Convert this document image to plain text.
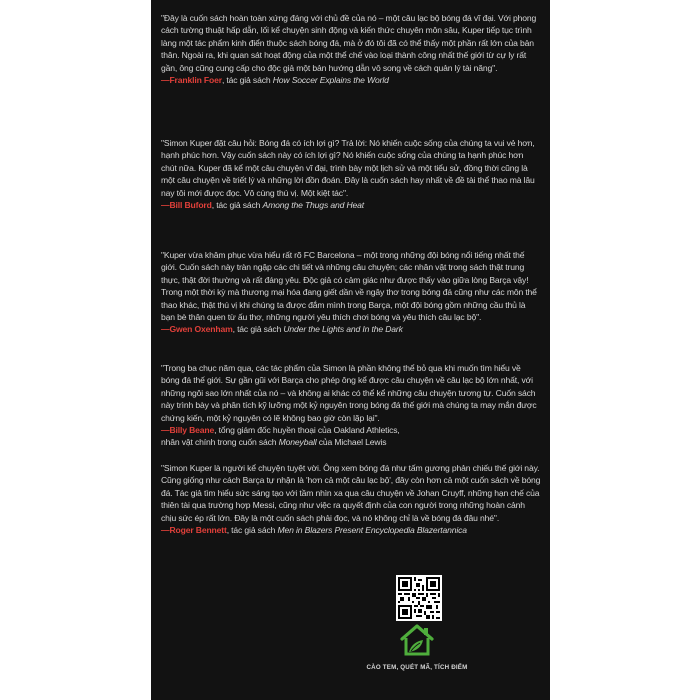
"Đây là cuốn sách hoàn toàn xứng đáng với chủ đề của nó – một câu lạc bộ bóng đá vĩ đại. Với phong cách tường thuật hấp dẫn, lối kể chuyện sinh động và kiến thức chuyên môn sâu, Kuper tiếp tục trình làng một tác phẩm kinh điển thuộc sách bóng đá, mà ở đó tôi đã có thể thấy một phần rất lớn của bản thân. Ngoài ra, khi quan sát hoạt động của một thể chế vào loại thành công nhất thế giới từ cự ly rất gần, ông cũng cung cấp cho độc giả một bản hướng dẫn vô song về cách quản lý tài năng".

—Franklin Foer, tác giả sách How Soccer Explains the World

"Simon Kuper đặt câu hỏi: Bóng đá có ích lợi gì? Trả lời: Nó khiến cuộc sống của chúng ta vui vẻ hơn, hạnh phúc hơn. Vậy cuốn sách này có ích lợi gì? Nó khiến cuộc sống của chúng ta hạnh phúc hơn chút nữa. Kuper đã kể một câu chuyện vĩ đại, trình bày một lịch sử và một tiểu sử, đồng thời cũng là một câu chuyện về triết lý và những lời đồn đoán. Đây là cuốn sách hay nhất về đề tài thể thao mà lâu nay tôi mới được đọc. Vô cùng thú vị. Một kiệt tác".

—Bill Buford, tác giả sách Among the Thugs and Heat

"Kuper vừa khâm phục vừa hiểu rất rõ FC Barcelona – một trong những đội bóng nổi tiếng nhất thế giới. Cuốn sách này tràn ngập các chi tiết và những câu chuyện; các nhân vật trong sách thật trung thực, thật đời thường và rất đáng yêu. Độc giả có cảm giác như được thấy vào giữa lòng Barça vậy! Trong một thời kỳ mà thương mại hóa đang giết dần về ngây thơ trong bóng đá cũng như các môn thể thao khác, thật thú vị khi chúng ta được đắm mình trong Barça, một đội bóng gồm những cầu thủ là bạn bè thân quen từ ấu thơ, những người yêu thích chơi bóng và yêu thích câu lạc bộ".

—Gwen Oxenham, tác giả sách Under the Lights and In the Dark

"Trong ba chục năm qua, các tác phẩm của Simon là phần không thể bỏ qua khi muốn tìm hiểu về bóng đá thế giới. Sự gần gũi với Barça cho phép ông kể được câu chuyện về câu lạc bộ lớn nhất, với những ngôi sao lớn nhất của nó – và không ai khác có thể kể những câu chuyện tương tự. Cuốn sách này trình bày và phân tích kỹ lưỡng một kỷ nguyên trong bóng đá thế giới mà chúng ta may mắn được chứng kiến, một kỷ nguyên có lẽ không bao giờ còn lặp lại".

—Billy Beane, tổng giám đốc huyền thoại của Oakland Athletics,
nhân vật chính trong cuốn sách Moneyball của Michael Lewis

"Simon Kuper là người kể chuyện tuyệt vời. Ông xem bóng đá như tấm gương phản chiếu thế giới này. Cũng giống như cách Barça tự nhận là 'hơn cả một câu lạc bộ', đây còn hơn cả một cuốn sách về bóng đá. Tác giả tìm hiểu sức sáng tạo với tầm nhìn xa qua câu chuyện về Johan Cruyff, những hạn chế của thiên tài qua trường hợp Messi, cũng như việc ra quyết định của con người trong những hoàn cảnh chịu sức ép rất lớn. Đây là một cuốn sách phải đọc, và nó không chỉ là về bóng đá đâu nhé".

—Roger Bennett, tác giả sách Men in Blazers Present Encyclopedia Blazertannica

CÀO TEM, QUÉT MÃ, TÍCH ĐIỂM
